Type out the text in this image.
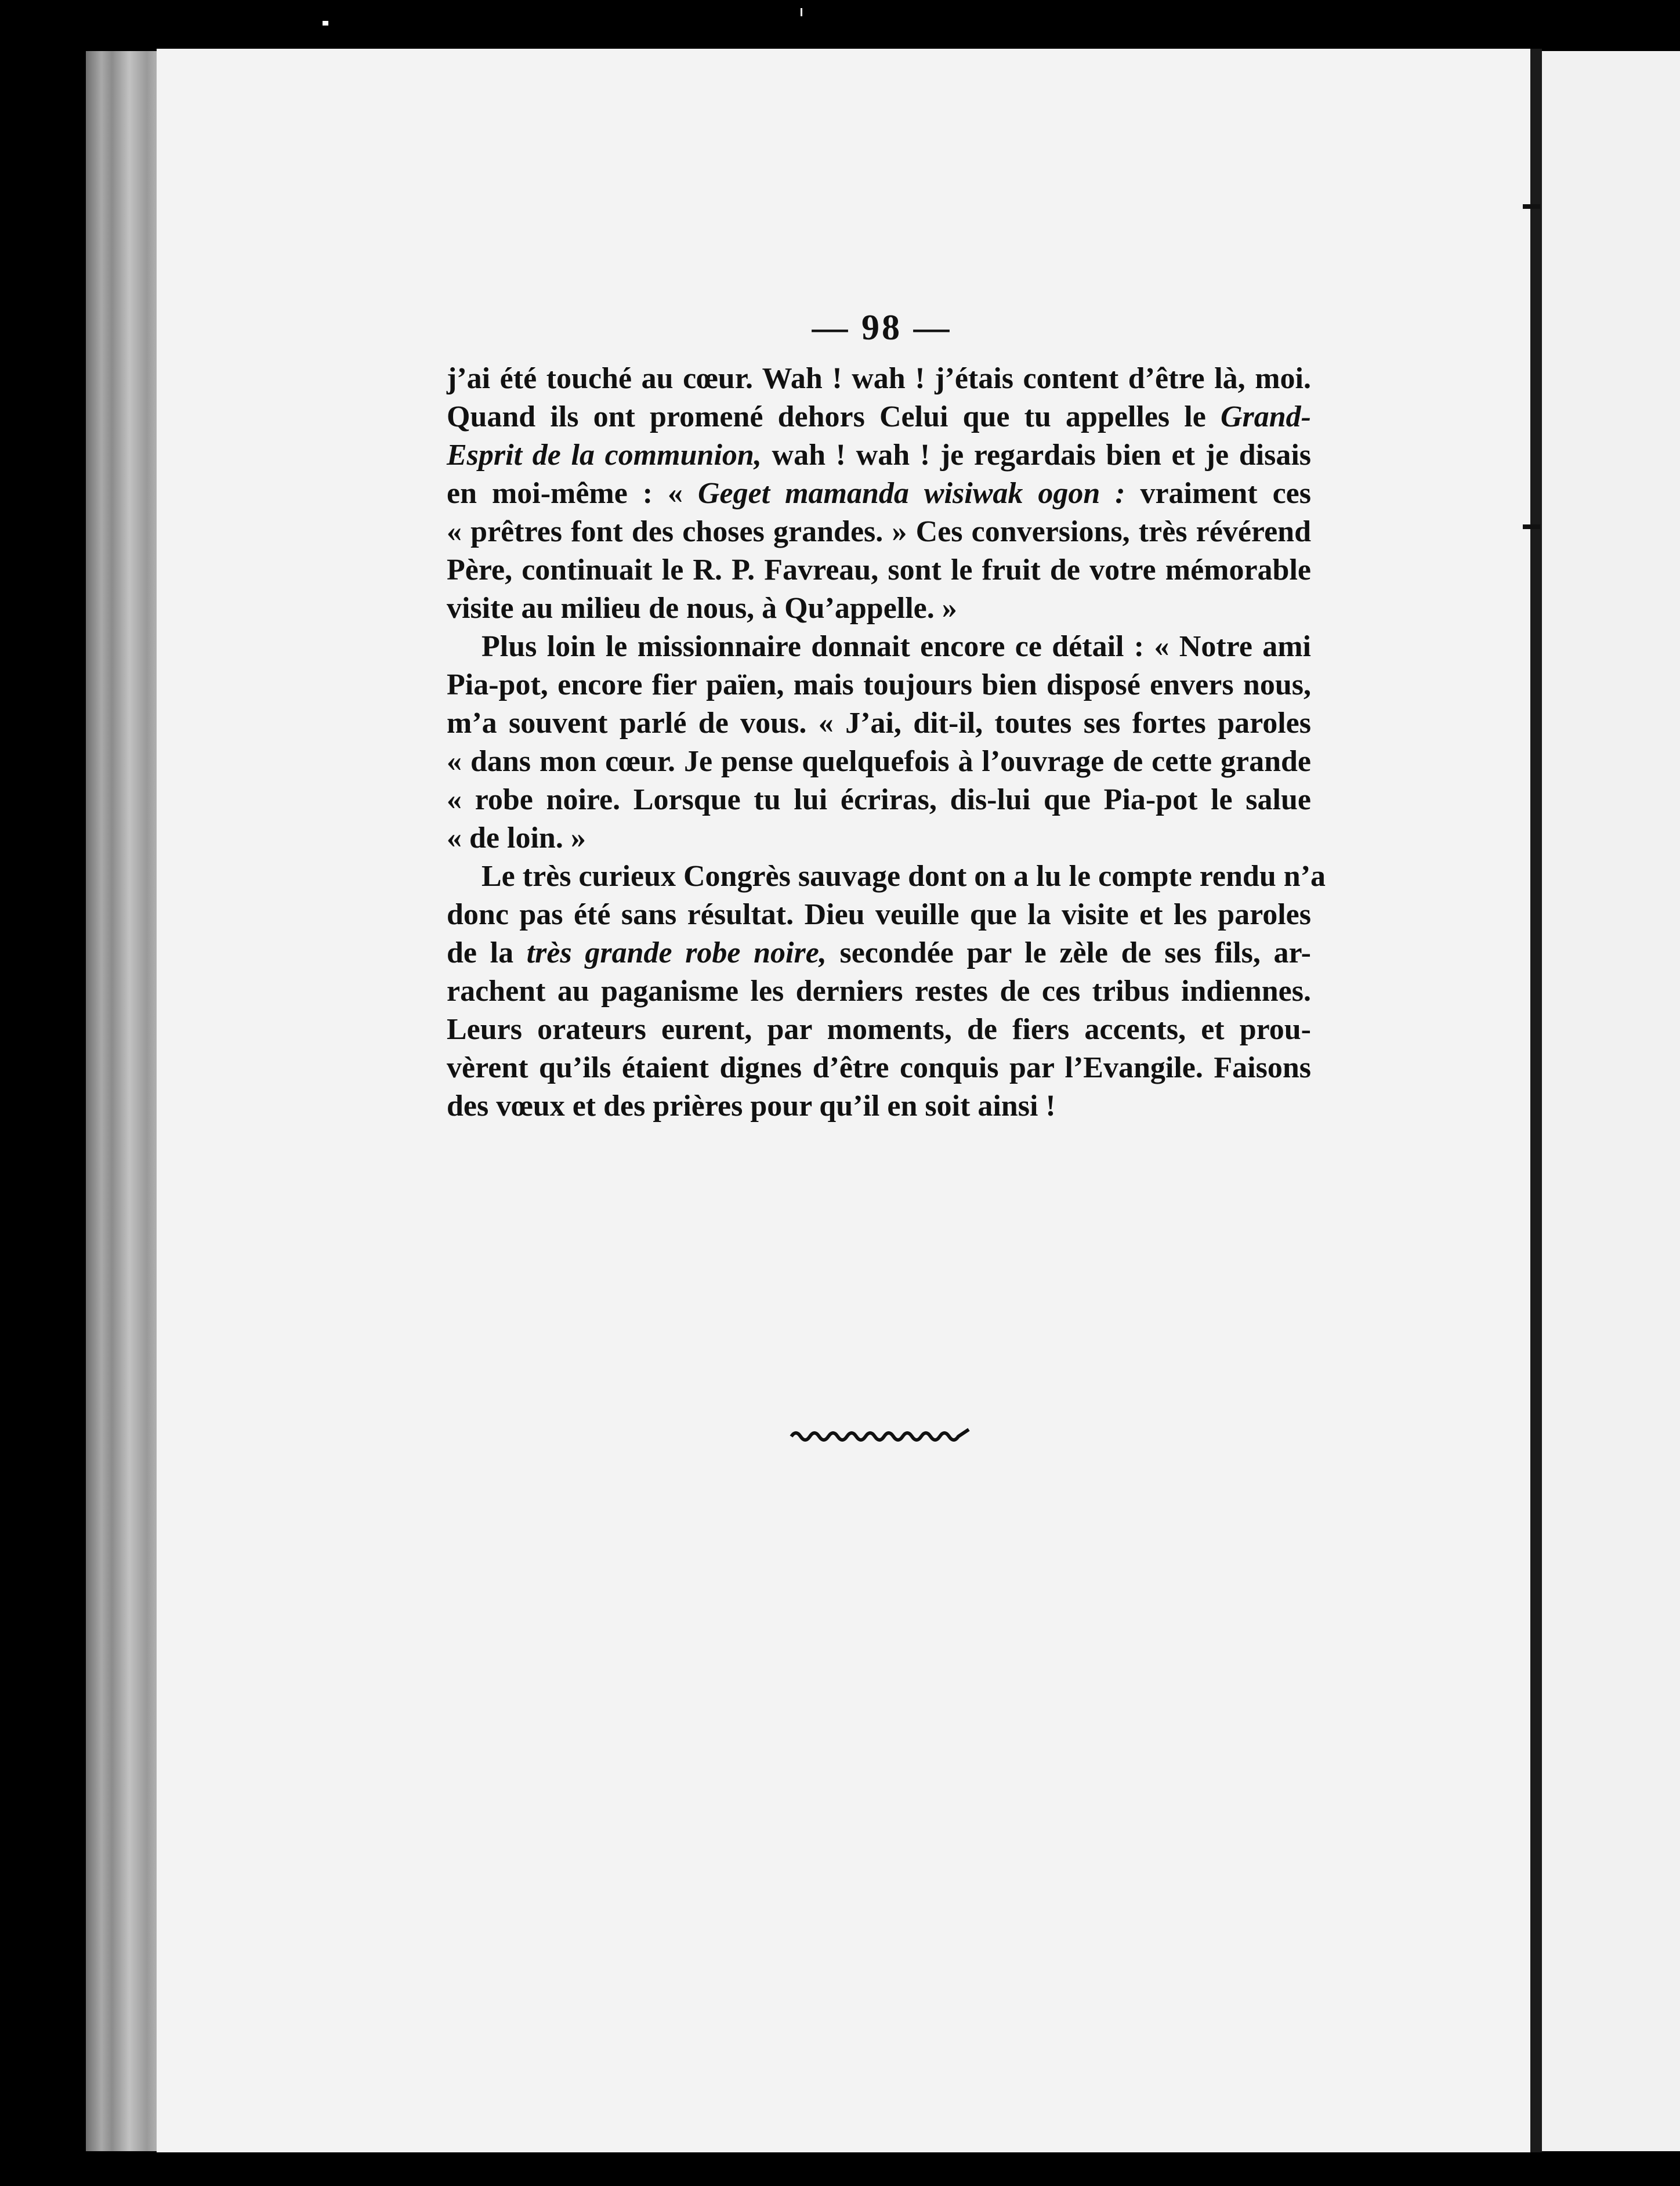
— 98 —
j’ai été touché au cœur. Wah ! wah ! j’étais content d’être là, moi.
Quand ils ont promené dehors Celui que tu appelles le Grand-
Esprit de la communion, wah ! wah ! je regardais bien et je disais
en moi-même : « Geget mamanda wisiwak ogon : vraiment ces
« prêtres font des choses grandes. » Ces conversions, très révérend
Père, continuait le R. P. Favreau, sont le fruit de votre mémorable
visite au milieu de nous, à Qu’appelle. »
Plus loin le missionnaire donnait encore ce détail : « Notre ami
Pia-pot, encore fier païen, mais toujours bien disposé envers nous,
m’a souvent parlé de vous. « J’ai, dit-il, toutes ses fortes paroles
« dans mon cœur. Je pense quelquefois à l’ouvrage de cette grande
« robe noire. Lorsque tu lui écriras, dis-lui que Pia-pot le salue
« de loin. »
Le très curieux Congrès sauvage dont on a lu le compte rendu n’a
donc pas été sans résultat. Dieu veuille que la visite et les paroles
de la très grande robe noire, secondée par le zèle de ses fils, ar-
rachent au paganisme les derniers restes de ces tribus indiennes.
Leurs orateurs eurent, par moments, de fiers accents, et prou-
vèrent qu’ils étaient dignes d’être conquis par l’Evangile. Faisons
des vœux et des prières pour qu’il en soit ainsi !
